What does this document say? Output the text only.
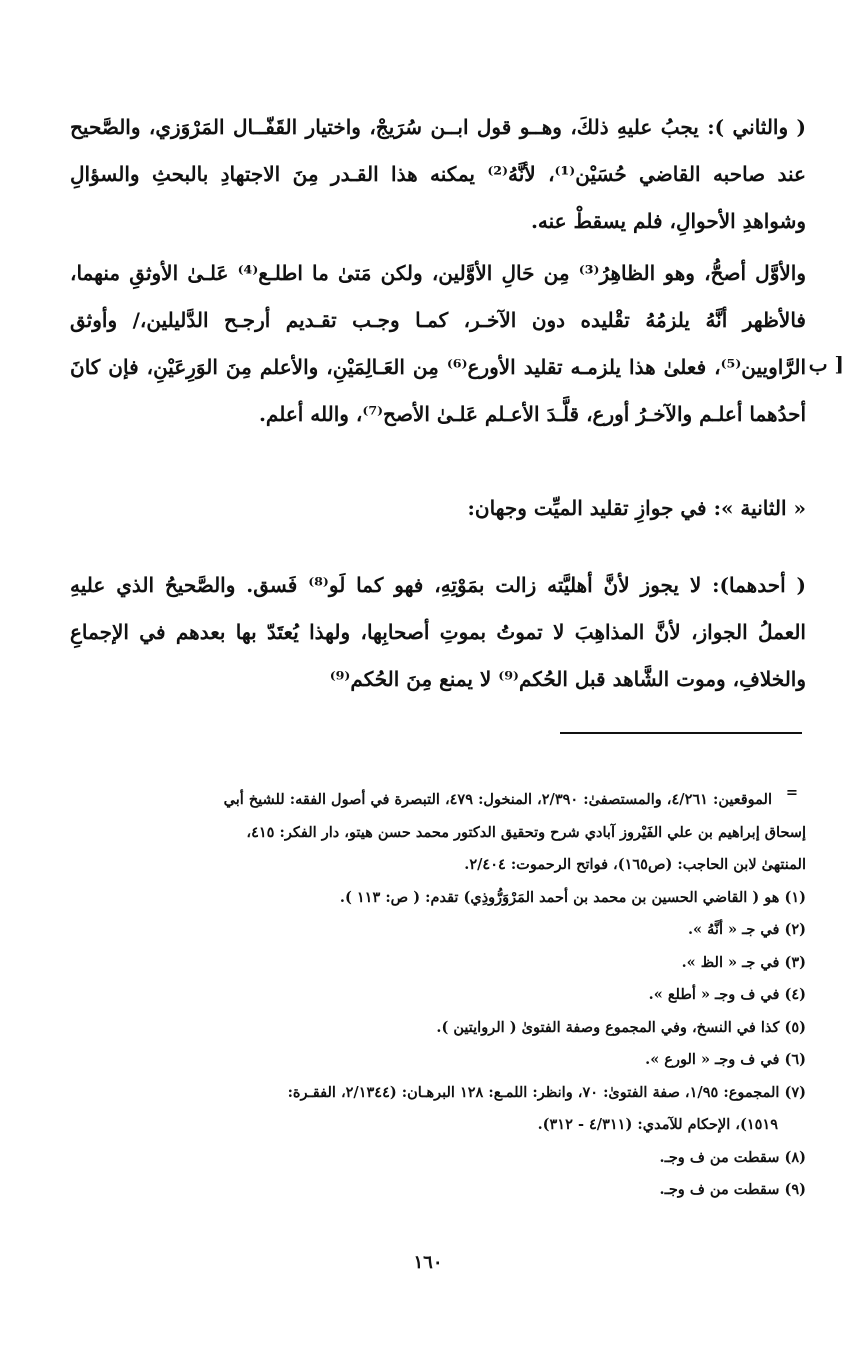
( والثاني ): يجبُ عليهِ ذلكَ، وهــو قول ابــن سُرَيجْ، واختيار القَفّــال المَرْوَزي، والصَّحيح عند صاحبه القاضي حُسَيْن⁽¹⁾، لأنَّهُ⁽²⁾ يمكنه هذا القـدر مِنَ الاجتهادِ بالبحثِ والسؤالِ وشواهدِ الأحوالِ، فلم يسقطْ عنه.
والأوَّل أصحُّ، وهو الظاهِرُ⁽³⁾ مِن حَالِ الأوَّلين، ولكن مَتىٰ ما اطلـع⁽⁴⁾ عَلـىٰ الأوثقِ منهما، فالأظهر أنَّهُ يلزمُهُ تقْليده دون الآخـر، كمـا وجـب تقـديم أرجـح الدَّليلين،/ وأوثق الرَّاويين⁽⁵⁾، فعلىٰ هذا يلزمـه تقليد الأورع⁽⁶⁾ مِن العَـالِمَيْنِ، والأعلم مِنَ الوَرِعَيْنِ، فإن كانَ أحدُهما أعلـم والآخـرُ أورع، قلَّـدَ الأعـلم عَلـىٰ الأصح⁽⁷⁾، والله أعلم.
ب ]
« الثانية »: في جوازِ تقليد الميِّت وجهان:
( أحدهما): لا يجوز لأنَّ أهليَّته زالت بمَوْتِهِ، فهو كما لَو⁽⁸⁾ فَسق. والصَّحيحُ الذي عليهِ العملُ الجواز، لأنَّ المذاهِبَ لا تموتُ بموتِ أصحابِها، ولهذا يُعتَدّ بها بعدهم في الإجماعِ والخلافِ، وموت الشَّاهد قبل الحُكم⁽⁹⁾ لا يمنع مِنَ الحُكم⁽⁹⁾
=
الموقعين: ٤/٢٦١، والمستصفىٰ: ٢/٣٩٠، المنخول: ٤٧٩، التبصرة في أصول الفقه: للشيخ أبي
إسحاق إبراهيم بن علي الفَيْروز آبادي شرح وتحقيق الدكتور محمد حسن هيتو، دار الفكر: ٤١٥،
المنتهىٰ لابن الحاجب: (ص١٦٥)، فواتح الرحموت: ٢/٤٠٤.
(١) هو ( القاضي الحسين بن محمد بن أحمد المَرْوَرُّوذِي) تقدم: ( ص: ١١٣ ).
(٢) في جـ « أنَّهُ ».
(٣) في جـ « الظ ».
(٤) في ف وجـ « أطلع ».
(٥) كذا في النسخ، وفي المجموع وصفة الفتوىٰ ( الروايتين ).
(٦) في ف وجـ « الورع ».
(٧) المجموع: ١/٩٥، صفة الفتوىٰ: ٧٠، وانظر: اللمـع: ١٢٨ البرهـان: (٢/١٣٤٤، الفقـرة:
١٥١٩)، الإحكام للآمدي: (٤/٣١١ - ٣١٢).
(٨) سقطت من ف وجـ.
(٩) سقطت من ف وجـ.
١٦٠
